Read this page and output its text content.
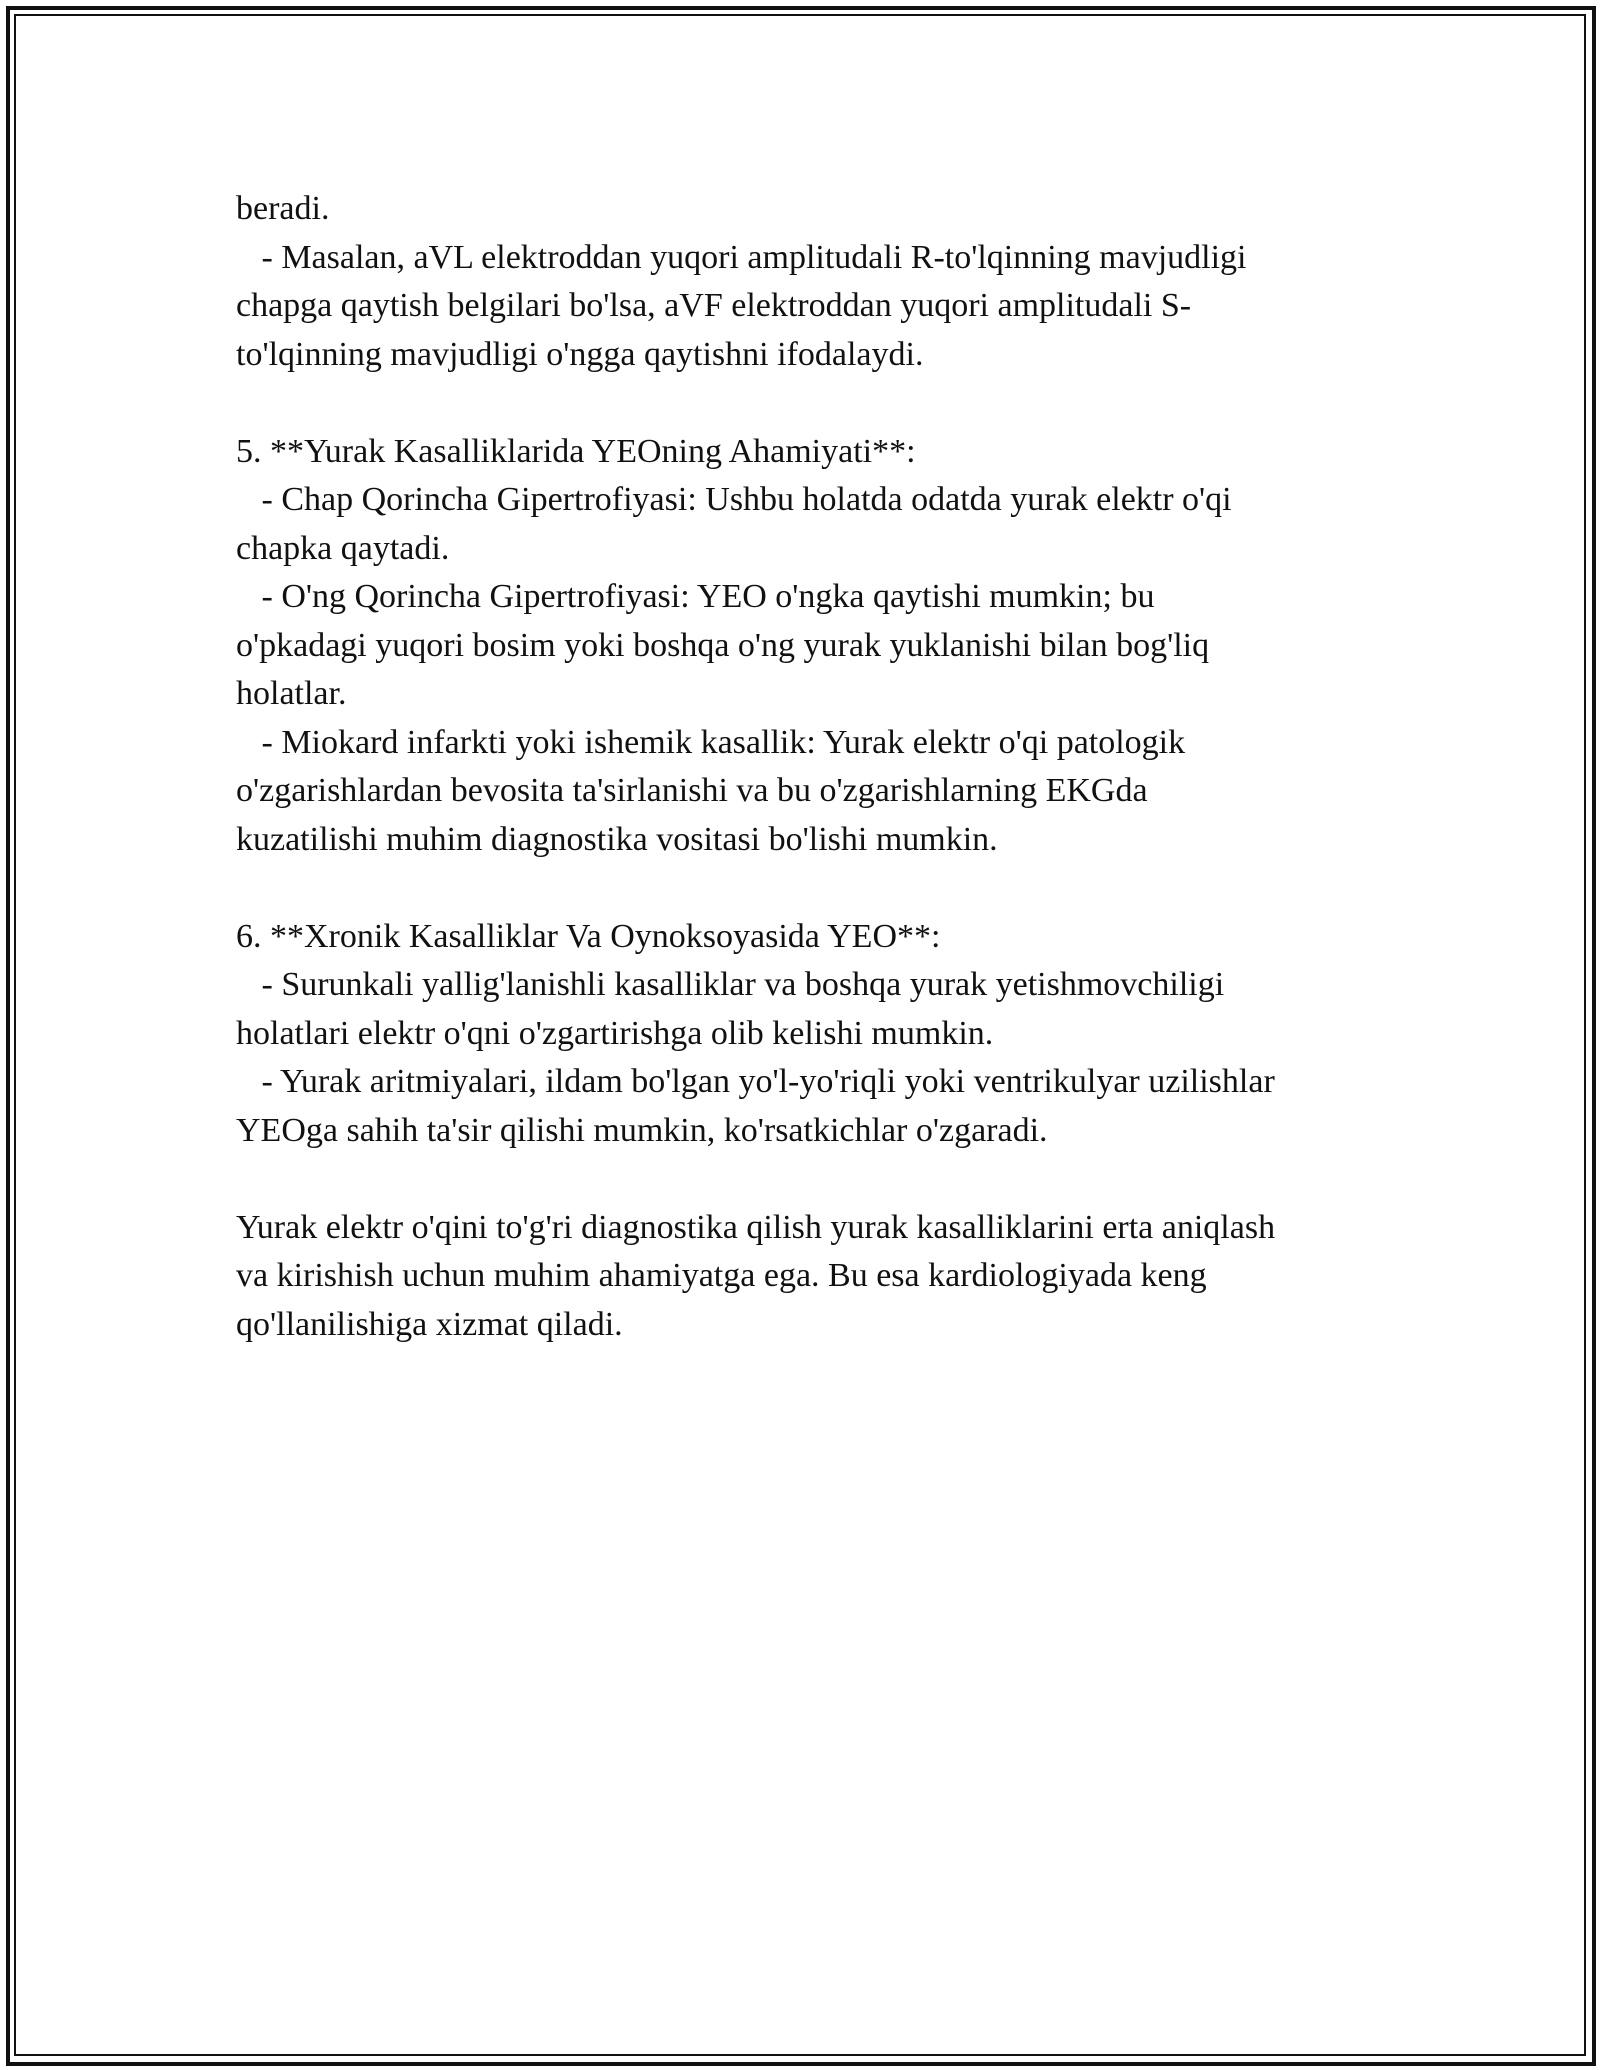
beradi.
- Masalan, aVL elektroddan yuqori amplitudali R-to'lqinning mavjudligi
chapga qaytish belgilari bo'lsa, aVF elektroddan yuqori amplitudali S-
to'lqinning mavjudligi o'ngga qaytishni ifodalaydi.
5. **Yurak Kasalliklarida YEOning Ahamiyati**:
- Chap Qorincha Gipertrofiyasi: Ushbu holatda odatda yurak elektr o'qi
chapka qaytadi.
- O'ng Qorincha Gipertrofiyasi: YEO o'ngka qaytishi mumkin; bu
o'pkadagi yuqori bosim yoki boshqa o'ng yurak yuklanishi bilan bog'liq
holatlar.
- Miokard infarkti yoki ishemik kasallik: Yurak elektr o'qi patologik
o'zgarishlardan bevosita ta'sirlanishi va bu o'zgarishlarning EKGda
kuzatilishi muhim diagnostika vositasi bo'lishi mumkin.
6. **Xronik Kasalliklar Va Oynoksoyasida YEO**:
- Surunkali yallig'lanishli kasalliklar va boshqa yurak yetishmovchiligi
holatlari elektr o'qni o'zgartirishga olib kelishi mumkin.
- Yurak aritmiyalari, ildam bo'lgan yo'l-yo'riqli yoki ventrikulyar uzilishlar
YEOga sahih ta'sir qilishi mumkin, ko'rsatkichlar o'zgaradi.
Yurak elektr o'qini to'g'ri diagnostika qilish yurak kasalliklarini erta aniqlash
va kirishish uchun muhim ahamiyatga ega. Bu esa kardiologiyada keng
qo'llanilishiga xizmat qiladi.
